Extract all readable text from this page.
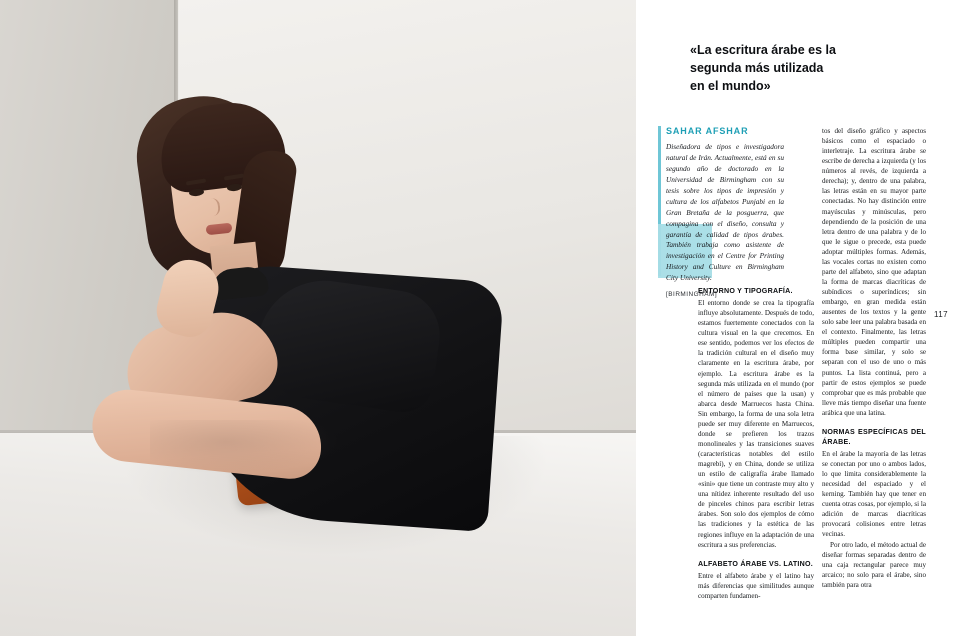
«La escritura árabe es la segunda más utilizada en el mundo»
SAHAR AFSHAR
Diseñadora de tipos e investigadora natural de Irán. Actualmente, está en su segundo año de doctorado en la Universidad de Birmingham con su tesis sobre los tipos de impresión y cultura de los alfabetos Punjabi en la Gran Bretaña de la posguerra, que compagina con el diseño, consulta y garantía de calidad de tipos árabes. También trabaja como asistente de investigación en el Centre for Printing History and Culture en Birmingham City University.
[BIRMINGHAM]

ENTORNO Y TIPOGRAFÍA.
El entorno donde se crea la tipografía influye absolutamente. Después de todo, estamos fuertemente conectados con la cultura visual en la que crecemos. En ese sentido, podemos ver los efectos de la tradición cultural en el diseño muy claramente en la escritura árabe, por ejemplo. La escritura árabe es la segunda más utilizada en el mundo (por el número de países que la usan) y abarca desde Marruecos hasta China. Sin embargo, la forma de una sola letra puede ser muy diferente en Marruecos, donde se prefieren los trazos monolineales y las transiciones suaves (características notables del estilo magrebí), y en China, donde se utiliza un estilo de caligrafía árabe llamado «sini» que tiene un contraste muy alto y una nítidez inherente resultado del uso de pinceles chinos para escribir letras árabes. Son solo dos ejemplos de cómo las tradiciones y la estética de las regiones influye en la adaptación de una escritura a sus preferencias.

ALFABETO ÁRABE VS. LATINO.
Entre el alfabeto árabe y el latino hay más diferencias que similitudes aunque comparten fundamen-

tos del diseño gráfico y aspectos básicos como el espaciado o interletraje. La escritura árabe se escribe de derecha a izquierda (y los números al revés, de izquierda a derecha); y, dentro de una palabra, las letras están en su mayor parte conectadas. No hay distinción entre mayúsculas y minúsculas, pero dependiendo de la posición de una letra dentro de una palabra y de lo que le sigue o precede, esta puede adoptar múltiples formas. Además, las vocales cortas no existen como parte del alfabeto, sino que adaptan la forma de marcas diacríticas de subíndices o superíndices; sin embargo, en gran medida están ausentes de los textos y la gente solo sabe leer una palabra basada en el contexto. Finalmente, las letras múltiples pueden compartir una forma base similar, y solo se separan con el uso de uno o más puntos. La lista continuá, pero a partir de estos ejemplos se puede comprobar que es más probable que lleve más tiempo diseñar una fuente arábica que una latina.

NORMAS ESPECÍFICAS DEL ÁRABE.
En el árabe la mayoría de las letras se conectan por uno o ambos lados, lo que limita considerablemente la necesidad del espaciado y el kerning. También hay que tener en cuenta otras cosas, por ejemplo, si la adición de marcas diacríticas provocará colisiones entre letras vecinas.

Por otro lado, el método actual de diseñar formas separadas dentro de una caja rectangular parece muy arcaico; no solo para el árabe, sino también para otra

117
